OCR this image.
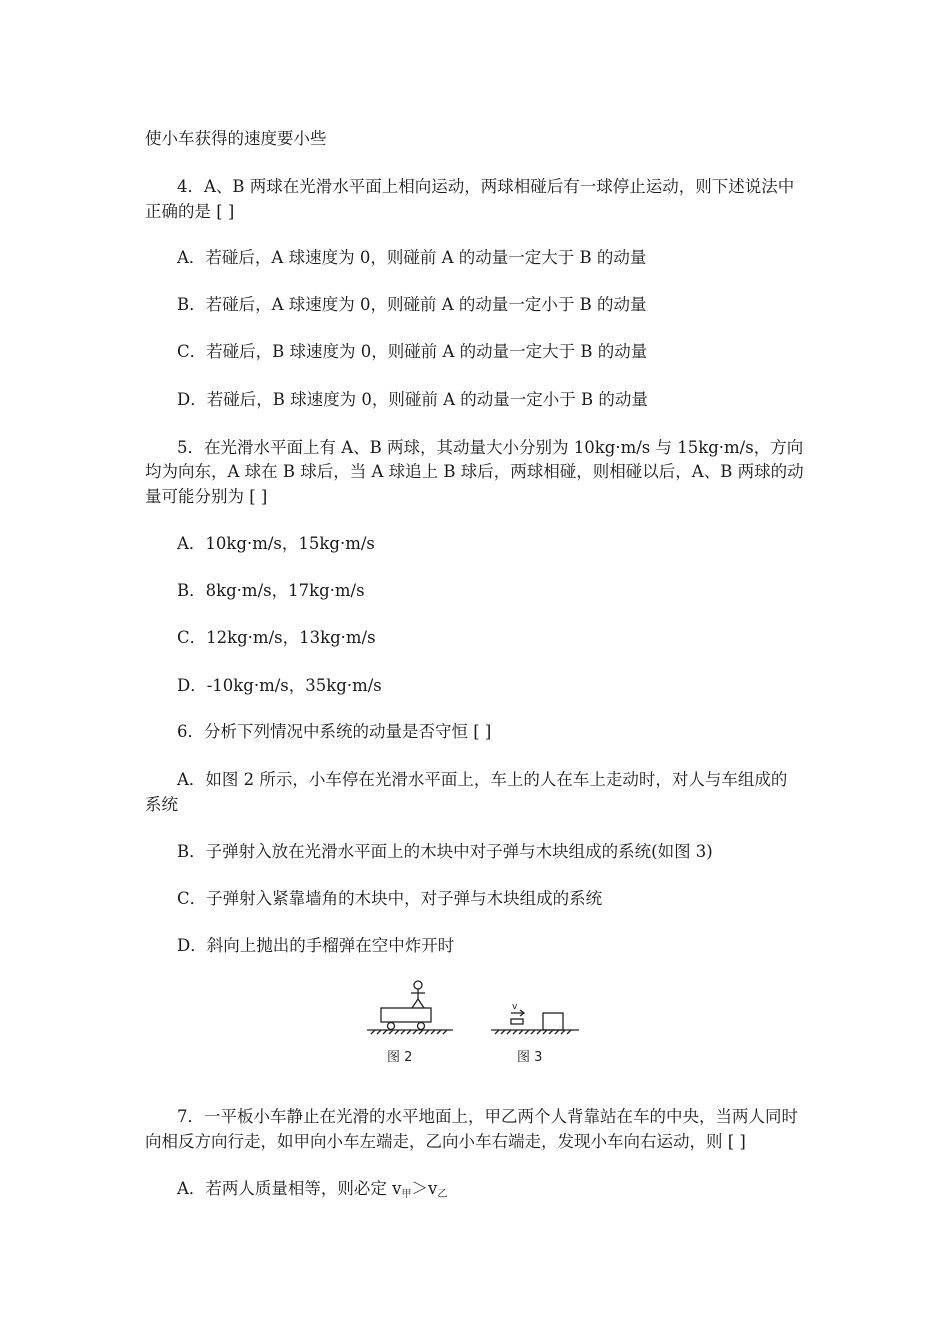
使小车获得的速度要小些
4．A、B 两球在光滑水平面上相向运动，两球相碰后有一球停止运动，则下述说法中
正确的是 [ ]
A．若碰后，A 球速度为 0，则碰前 A 的动量一定大于 B 的动量
B．若碰后，A 球速度为 0，则碰前 A 的动量一定小于 B 的动量
C．若碰后，B 球速度为 0，则碰前 A 的动量一定大于 B 的动量
D．若碰后，B 球速度为 0，则碰前 A 的动量一定小于 B 的动量
5．在光滑水平面上有 A、B 两球，其动量大小分别为 10kg·m/s 与 15kg·m/s，方向
均为向东，A 球在 B 球后，当 A 球追上 B 球后，两球相碰，则相碰以后，A、B 两球的动
量可能分别为 [ ]
A．10kg·m/s，15kg·m/s
B．8kg·m/s，17kg·m/s
C．12kg·m/s，13kg·m/s
D．-10kg·m/s，35kg·m/s
6．分析下列情况中系统的动量是否守恒 [ ]
A．如图 2 所示，小车停在光滑水平面上，车上的人在车上走动时，对人与车组成的
系统
B．子弹射入放在光滑水平面上的木块中对子弹与木块组成的系统(如图 3)
C．子弹射入紧靠墙角的木块中，对子弹与木块组成的系统
D．斜向上抛出的手榴弹在空中炸开时
图 2
v
图 3
7．一平板小车静止在光滑的水平地面上，甲乙两个人背靠站在车的中央，当两人同时
向相反方向行走，如甲向小车左端走，乙向小车右端走，发现小车向右运动，则 [ ]
A．若两人质量相等，则必定 v甲＞v乙
